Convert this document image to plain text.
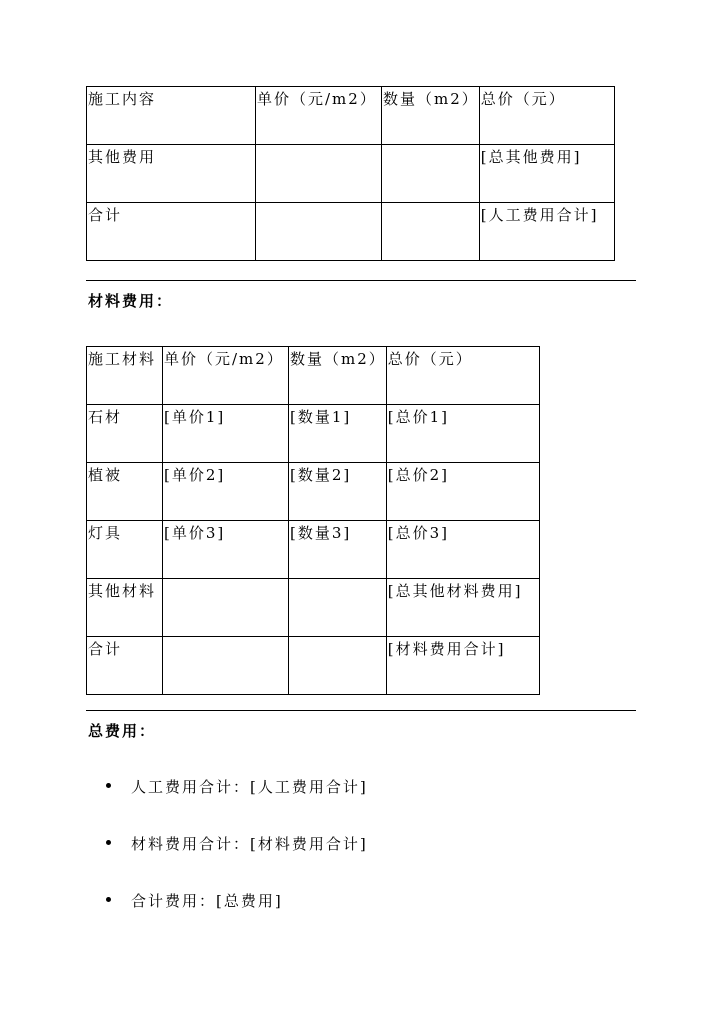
施工内容	单价（元/m2）	数量（m2）	总价（元）
其他费用			[总其他费用]
合计			[人工费用合计]
材料费用：
施工材料	单价（元/m2）	数量（m2）	总价（元）
石材	[单价1]	[数量1]	[总价1]
植被	[单价2]	[数量2]	[总价2]
灯具	[单价3]	[数量3]	[总价3]
其他材料			[总其他材料费用]
合计			[材料费用合计]
总费用：
人工费用合计：[人工费用合计]
材料费用合计：[材料费用合计]
合计费用：[总费用]
